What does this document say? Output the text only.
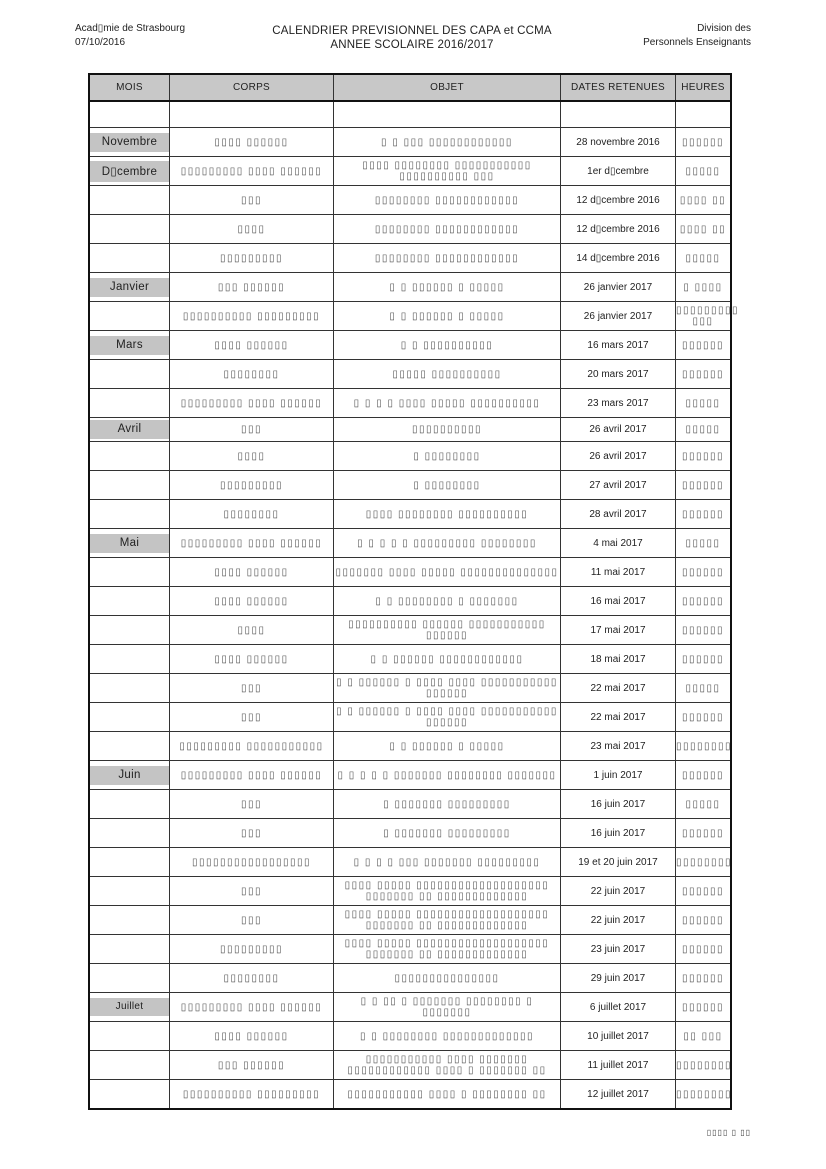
Acad▯mie de Strasbourg
07/10/2016
CALENDRIER PREVISIONNEL DES CAPA et CCMA
ANNEE SCOLAIRE 2016/2017
Division des
Personnels Enseignants
MOIS	CORPS	OBJET	DATES RETENUES	HEURES

Novembre	▯▯▯▯ ▯▯▯▯▯▯	▯ ▯ ▯▯▯ ▯▯▯▯▯▯▯▯▯▯▯▯	28 novembre 2016	▯▯▯▯▯▯

D▯cembre	▯▯▯▯▯▯▯▯▯ ▯▯▯▯ ▯▯▯▯▯▯	▯▯▯▯ ▯▯▯▯▯▯▯▯ ▯▯▯▯▯▯▯▯▯▯▯ ▯▯▯▯▯▯▯▯▯▯ ▯▯▯	1er d▯cembre	▯▯▯▯▯
	▯▯▯	▯▯▯▯▯▯▯▯ ▯▯▯▯▯▯▯▯▯▯▯▯	12 d▯cembre 2016	▯▯▯▯ ▯▯
	▯▯▯▯	▯▯▯▯▯▯▯▯ ▯▯▯▯▯▯▯▯▯▯▯▯	12 d▯cembre 2016	▯▯▯▯ ▯▯
	▯▯▯▯▯▯▯▯▯	▯▯▯▯▯▯▯▯ ▯▯▯▯▯▯▯▯▯▯▯▯	14 d▯cembre 2016	▯▯▯▯▯

Janvier	▯▯▯ ▯▯▯▯▯▯	▯ ▯ ▯▯▯▯▯▯ ▯ ▯▯▯▯▯	26 janvier 2017	▯ ▯▯▯▯
	▯▯▯▯▯▯▯▯▯▯ ▯▯▯▯▯▯▯▯▯	▯ ▯ ▯▯▯▯▯▯ ▯ ▯▯▯▯▯	26 janvier 2017	▯▯▯▯▯▯▯▯▯ ▯▯▯

Mars	▯▯▯▯ ▯▯▯▯▯▯	▯ ▯ ▯▯▯▯▯▯▯▯▯▯	16 mars 2017	▯▯▯▯▯▯
	▯▯▯▯▯▯▯▯	▯▯▯▯▯ ▯▯▯▯▯▯▯▯▯▯	20 mars 2017	▯▯▯▯▯▯
	▯▯▯▯▯▯▯▯▯ ▯▯▯▯ ▯▯▯▯▯▯	▯ ▯ ▯ ▯ ▯▯▯▯ ▯▯▯▯▯ ▯▯▯▯▯▯▯▯▯▯	23 mars 2017	▯▯▯▯▯

Avril	▯▯▯	▯▯▯▯▯▯▯▯▯▯	26 avril 2017	▯▯▯▯▯
	▯▯▯▯	▯ ▯▯▯▯▯▯▯▯	26 avril 2017	▯▯▯▯▯▯
	▯▯▯▯▯▯▯▯▯	▯ ▯▯▯▯▯▯▯▯	27 avril 2017	▯▯▯▯▯▯
	▯▯▯▯▯▯▯▯	▯▯▯▯ ▯▯▯▯▯▯▯▯ ▯▯▯▯▯▯▯▯▯▯	28 avril 2017	▯▯▯▯▯▯

Mai	▯▯▯▯▯▯▯▯▯ ▯▯▯▯ ▯▯▯▯▯▯	▯ ▯ ▯ ▯ ▯ ▯▯▯▯▯▯▯▯▯ ▯▯▯▯▯▯▯▯	4 mai 2017	▯▯▯▯▯
	▯▯▯▯ ▯▯▯▯▯▯	▯▯▯▯▯▯▯ ▯▯▯▯ ▯▯▯▯▯ ▯▯▯▯▯▯▯▯▯▯▯▯▯▯	11 mai 2017	▯▯▯▯▯▯
	▯▯▯▯ ▯▯▯▯▯▯	▯ ▯ ▯▯▯▯▯▯▯▯ ▯ ▯▯▯▯▯▯▯	16 mai 2017	▯▯▯▯▯▯
	▯▯▯▯	▯▯▯▯▯▯▯▯▯▯ ▯▯▯▯▯▯ ▯▯▯▯▯▯▯▯▯▯▯ ▯▯▯▯▯▯	17 mai 2017	▯▯▯▯▯▯
	▯▯▯▯ ▯▯▯▯▯▯	▯ ▯ ▯▯▯▯▯▯ ▯▯▯▯▯▯▯▯▯▯▯▯	18 mai 2017	▯▯▯▯▯▯
	▯▯▯	▯ ▯ ▯▯▯▯▯▯ ▯ ▯▯▯▯ ▯▯▯▯ ▯▯▯▯▯▯▯▯▯▯▯ ▯▯▯▯▯▯	22 mai 2017	▯▯▯▯▯
	▯▯▯	▯ ▯ ▯▯▯▯▯▯ ▯ ▯▯▯▯ ▯▯▯▯ ▯▯▯▯▯▯▯▯▯▯▯ ▯▯▯▯▯▯	22 mai 2017	▯▯▯▯▯▯
	▯▯▯▯▯▯▯▯▯ ▯▯▯▯▯▯▯▯▯▯▯	▯ ▯ ▯▯▯▯▯▯ ▯ ▯▯▯▯▯	23 mai 2017	▯▯▯▯▯▯▯▯

Juin	▯▯▯▯▯▯▯▯▯ ▯▯▯▯ ▯▯▯▯▯▯	▯ ▯ ▯ ▯ ▯ ▯▯▯▯▯▯▯ ▯▯▯▯▯▯▯▯ ▯▯▯▯▯▯▯	1 juin 2017	▯▯▯▯▯▯
	▯▯▯	▯ ▯▯▯▯▯▯▯ ▯▯▯▯▯▯▯▯▯	16 juin 2017	▯▯▯▯▯
	▯▯▯	▯ ▯▯▯▯▯▯▯ ▯▯▯▯▯▯▯▯▯	16 juin 2017	▯▯▯▯▯▯
	▯▯▯▯▯▯▯▯▯▯▯▯▯▯▯▯▯	▯ ▯ ▯ ▯ ▯▯▯ ▯▯▯▯▯▯▯ ▯▯▯▯▯▯▯▯▯	19 et 20 juin 2017	▯▯▯▯▯▯▯▯
	▯▯▯	▯▯▯▯ ▯▯▯▯▯ ▯▯▯▯▯▯▯▯▯▯▯▯▯▯▯▯▯▯▯ ▯▯▯▯▯▯▯ ▯▯ ▯▯▯▯▯▯▯▯▯▯▯▯▯	22 juin 2017	▯▯▯▯▯▯
	▯▯▯	▯▯▯▯ ▯▯▯▯▯ ▯▯▯▯▯▯▯▯▯▯▯▯▯▯▯▯▯▯▯ ▯▯▯▯▯▯▯ ▯▯ ▯▯▯▯▯▯▯▯▯▯▯▯▯	22 juin 2017	▯▯▯▯▯▯
	▯▯▯▯▯▯▯▯▯	▯▯▯▯ ▯▯▯▯▯ ▯▯▯▯▯▯▯▯▯▯▯▯▯▯▯▯▯▯▯ ▯▯▯▯▯▯▯ ▯▯ ▯▯▯▯▯▯▯▯▯▯▯▯▯	23 juin 2017	▯▯▯▯▯▯
	▯▯▯▯▯▯▯▯	▯▯▯▯▯▯▯▯▯▯▯▯▯▯▯	29 juin 2017	▯▯▯▯▯▯

Juillet	▯▯▯▯▯▯▯▯▯ ▯▯▯▯ ▯▯▯▯▯▯	▯ ▯ ▯▯ ▯ ▯▯▯▯▯▯▯ ▯▯▯▯▯▯▯▯ ▯ ▯▯▯▯▯▯▯	6 juillet 2017	▯▯▯▯▯▯
	▯▯▯▯ ▯▯▯▯▯▯	▯ ▯ ▯▯▯▯▯▯▯▯ ▯▯▯▯▯▯▯▯▯▯▯▯▯	10 juillet 2017	▯▯ ▯▯▯
	▯▯▯ ▯▯▯▯▯▯	▯▯▯▯▯▯▯▯▯▯▯ ▯▯▯▯ ▯▯▯▯▯▯▯ ▯▯▯▯▯▯▯▯▯▯▯▯ ▯▯▯▯ ▯ ▯▯▯▯▯▯▯ ▯▯	11 juillet 2017	▯▯▯▯▯▯▯▯
	▯▯▯▯▯▯▯▯▯▯ ▯▯▯▯▯▯▯▯▯	▯▯▯▯▯▯▯▯▯▯▯ ▯▯▯▯ ▯ ▯▯▯▯▯▯▯▯ ▯▯	12 juillet 2017	▯▯▯▯▯▯▯▯
▯▯▯▯ ▯ ▯▯
